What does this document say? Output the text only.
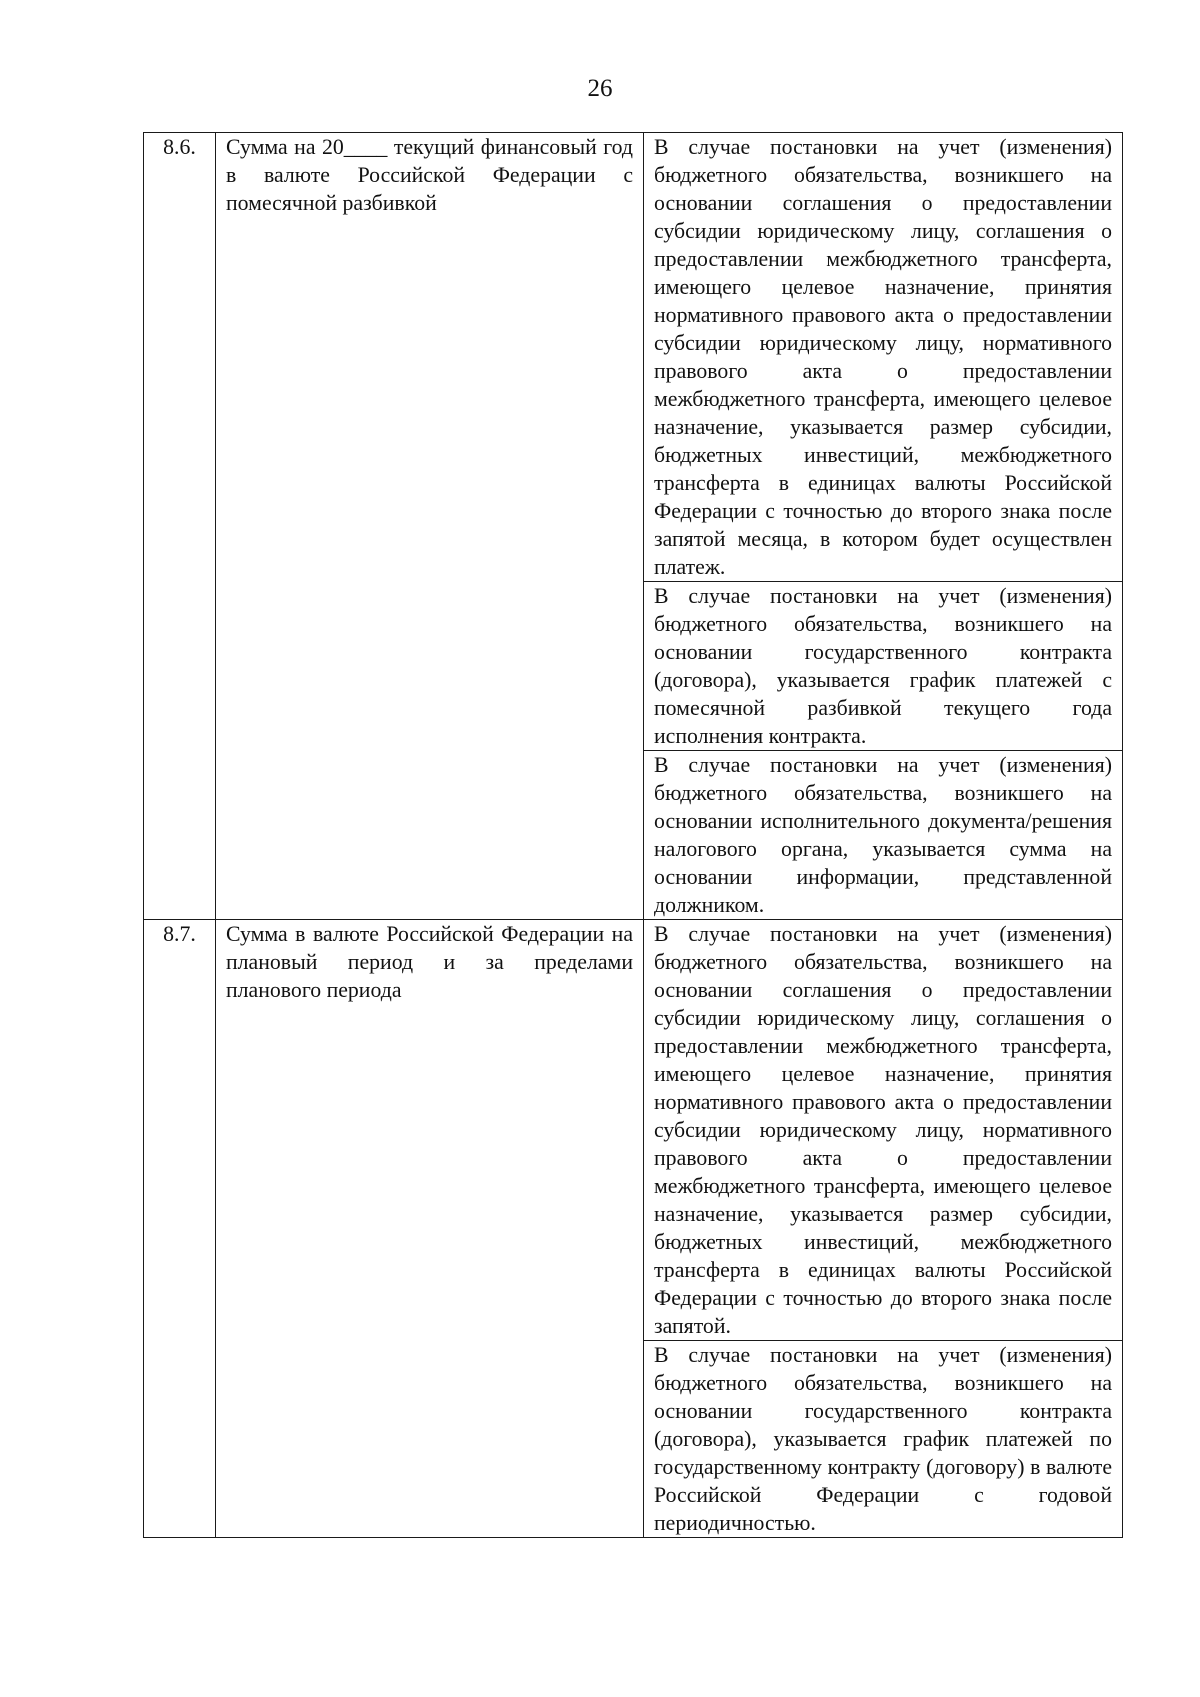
26
8.6.	Сумма на 20____ текущий финансовый год в валюте Российской Федерации с помесячной разбивкой	В случае постановки на учет (изменения) бюджетного обязательства, возникшего на основании соглашения о предоставлении субсидии юридическому лицу, соглашения о предоставлении межбюджетного трансферта, имеющего целевое назначение, принятия нормативного правового акта о предоставлении субсидии юридическому лицу, нормативного правового акта о предоставлении межбюджетного трансферта, имеющего целевое назначение, указывается размер субсидии, бюджетных инвестиций, межбюджетного трансферта в единицах валюты Российской Федерации с точностью до второго знака после запятой месяца, в котором будет осуществлен платеж.
		В случае постановки на учет (изменения) бюджетного обязательства, возникшего на основании государственного контракта (договора), указывается график платежей с помесячной разбивкой текущего года исполнения контракта.
		В случае постановки на учет (изменения) бюджетного обязательства, возникшего на основании исполнительного документа/решения налогового органа, указывается сумма на основании информации, представленной должником.
8.7.	Сумма в валюте Российской Федерации на плановый период и за пределами планового периода	В случае постановки на учет (изменения) бюджетного обязательства, возникшего на основании соглашения о предоставлении субсидии юридическому лицу, соглашения о предоставлении межбюджетного трансферта, имеющего целевое назначение, принятия нормативного правового акта о предоставлении субсидии юридическому лицу, нормативного правового акта о предоставлении межбюджетного трансферта, имеющего целевое назначение, указывается размер субсидии, бюджетных инвестиций, межбюджетного трансферта в единицах валюты Российской Федерации с точностью до второго знака после запятой.
		В случае постановки на учет (изменения) бюджетного обязательства, возникшего на основании государственного контракта (договора), указывается график платежей по государственному контракту (договору) в валюте Российской Федерации с годовой периодичностью.
